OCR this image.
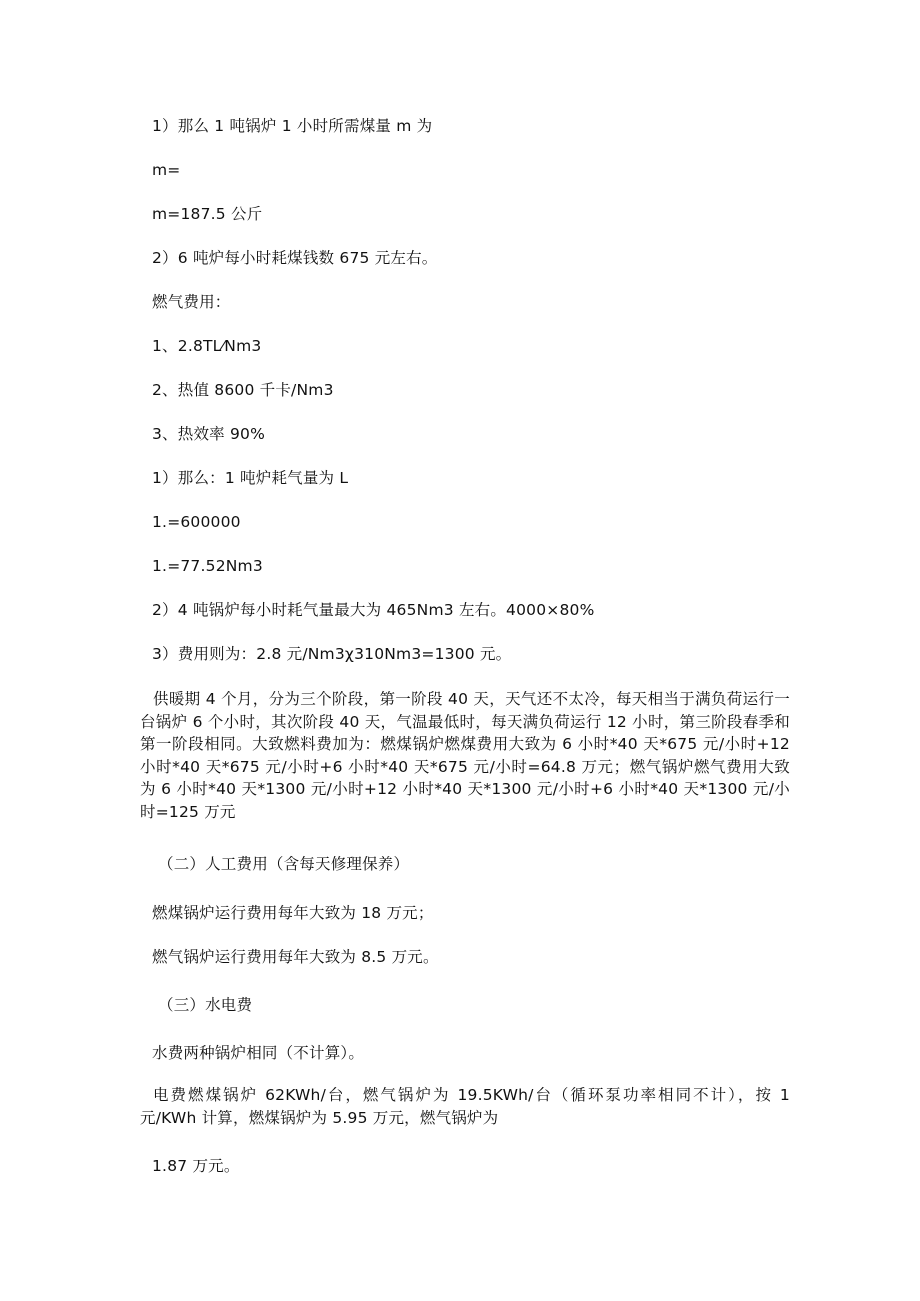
1）那么 1 吨锅炉 1 小时所需煤量 m 为
m=
m=187.5 公斤
2）6 吨炉每小时耗煤钱数 675 元左右。
燃气费用：
1、2.8TL⁄Nm3
2、热值 8600 千卡/Nm3
3、热效率 90%
1）那么：1 吨炉耗气量为 L
1.=600000
1.=77.52Nm3
2）4 吨锅炉每小时耗气量最大为 465Nm3 左右。4000×80%
3）费用则为：2.8 元/Nm3χ310Nm3=1300 元。
供暖期 4 个月，分为三个阶段，第一阶段 40 天，天气还不太冷，每天相当于满负荷运行一台锅炉 6 个小时，其次阶段 40 天，气温最低时，每天满负荷运行 12 小时，第三阶段春季和第一阶段相同。大致燃料费加为：燃煤锅炉燃煤费用大致为 6 小时*40 天*675 元/小时+12 小时*40 天*675 元/小时+6 小时*40 天*675 元/小时=64.8 万元；燃气锅炉燃气费用大致为 6 小时*40 天*1300 元/小时+12 小时*40 天*1300 元/小时+6 小时*40 天*1300 元/小时=125 万元
（二）人工费用（含每天修理保养）
燃煤锅炉运行费用每年大致为 18 万元；
燃气锅炉运行费用每年大致为 8.5 万元。
（三）水电费
水费两种锅炉相同（不计算）。
电费燃煤锅炉 62KWh/台，燃气锅炉为 19.5KWh/台（循环泵功率相同不计），按 1 元/KWh 计算，燃煤锅炉为 5.95 万元，燃气锅炉为
1.87 万元。
